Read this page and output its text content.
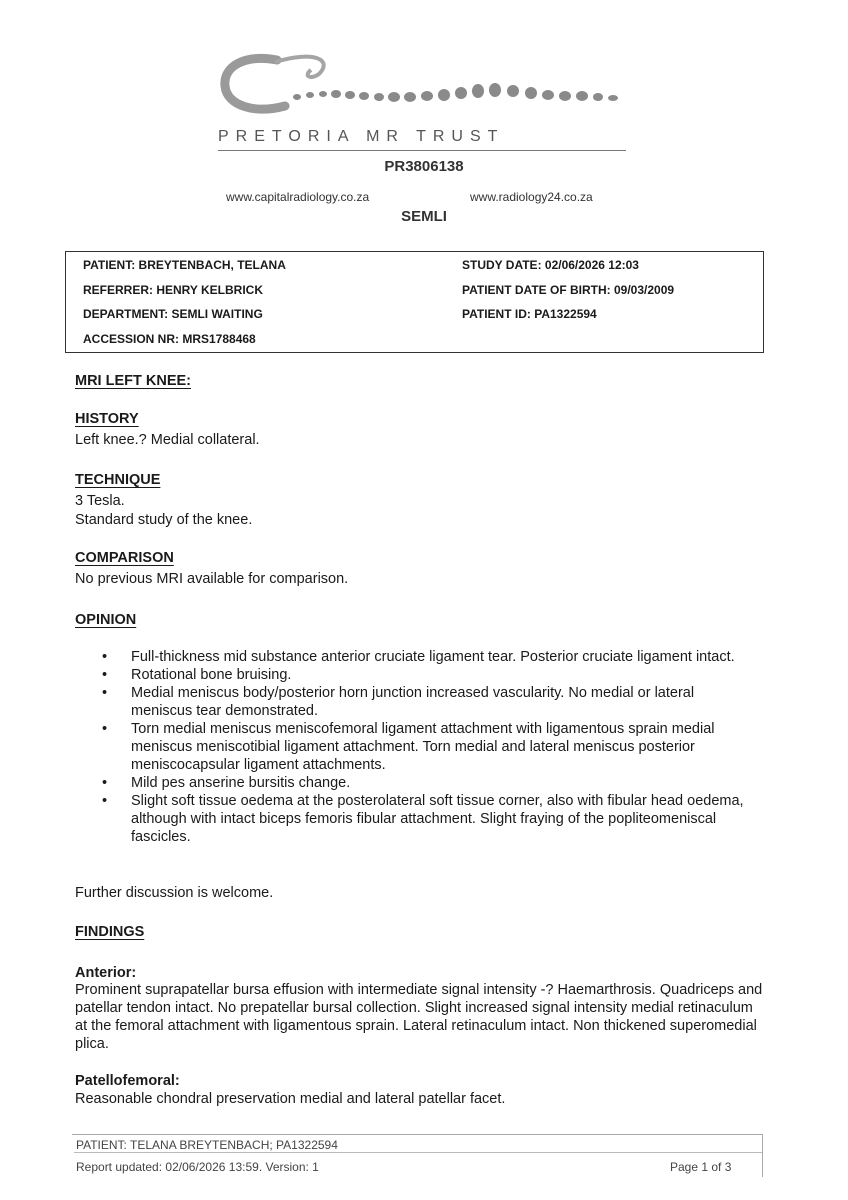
PRETORIA MR TRUST
PR3806138
www.capitalradiology.co.za	www.radiology24.co.za
SEMLI
PATIENT: BREYTENBACH, TELANA
REFERRER: HENRY KELBRICK
DEPARTMENT: SEMLI WAITING
ACCESSION NR: MRS1788468
STUDY DATE: 02/06/2026 12:03
PATIENT DATE OF BIRTH: 09/03/2009
PATIENT ID: PA1322594
MRI LEFT KNEE:
HISTORY
Left knee.? Medial collateral.
TECHNIQUE
3 Tesla.
Standard study of the knee.
COMPARISON
No previous MRI available for comparison.
OPINION
• Full-thickness mid substance anterior cruciate ligament tear. Posterior cruciate ligament intact.
• Rotational bone bruising.
• Medial meniscus body/posterior horn junction increased vascularity. No medial or lateral meniscus tear demonstrated.
• Torn medial meniscus meniscofemoral ligament attachment with ligamentous sprain medial meniscus meniscotibial ligament attachment. Torn medial and lateral meniscus posterior meniscocapsular ligament attachments.
• Mild pes anserine bursitis change.
• Slight soft tissue oedema at the posterolateral soft tissue corner, also with fibular head oedema, although with intact biceps femoris fibular attachment. Slight fraying of the popliteomeniscal fascicles.
Further discussion is welcome.
FINDINGS
Anterior:
Prominent suprapatellar bursa effusion with intermediate signal intensity -? Haemarthrosis. Quadriceps and patellar tendon intact. No prepatellar bursal collection. Slight increased signal intensity medial retinaculum at the femoral attachment with ligamentous sprain. Lateral retinaculum intact. Non thickened superomedial plica.
Patellofemoral:
Reasonable chondral preservation medial and lateral patellar facet.
PATIENT: TELANA BREYTENBACH; PA1322594
Report updated: 02/06/2026 13:59. Version: 1	Page 1 of 3
